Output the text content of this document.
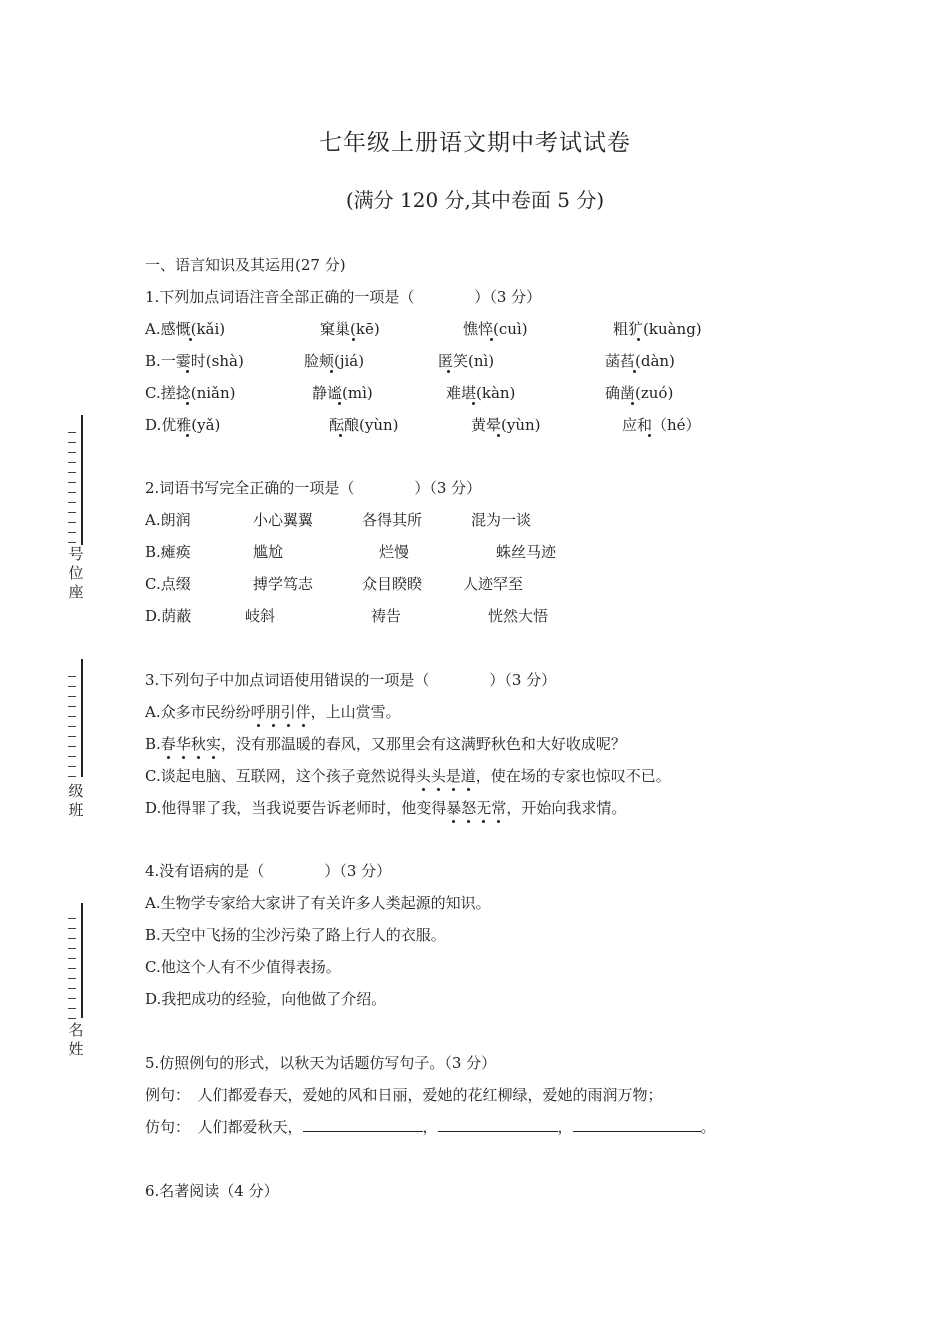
七年级上册语文期中考试试卷
(满分 120 分,其中卷面 5 分)
号
位
座
级
班
名
姓
一、语言知识及其运用(27 分)
1.下列加点词语注音全部正确的一项是（　　　　）（3 分）
A.感慨(kǎi)	窠巢(kē)	憔悴(cuì)	粗犷(kuàng)
B.一霎时(shà)	脸颊(jiá)	匿笑(nì)	菡萏(dàn)
C.搓捻(niǎn)	静谧(mì)	难堪(kàn)	确凿(zuó)
D.优雅(yǎ)	酝酿(yùn)	黄晕(yùn)	应和（hé）
2.词语书写完全正确的一项是（　　　　）（3 分）
A.朗润	小心翼翼	各得其所	混为一谈
B.瘫痪	尴尬	烂慢	蛛丝马迹
C.点缀	搏学笃志	众目睽睽	人迹罕至
D.荫蔽	岐斜	祷告	恍然大悟
3.下列句子中加点词语使用错误的一项是（　　　　）（3 分）
A.众多市民纷纷呼朋引伴，上山赏雪。
B.春华秋实，没有那温暖的春风，又那里会有这满野秋色和大好收成呢？
C.谈起电脑、互联网，这个孩子竟然说得头头是道，使在场的专家也惊叹不已。
D.他得罪了我，当我说要告诉老师时，他变得暴怒无常，开始向我求情。
4.没有语病的是（　　　　）（3 分）
A.生物学专家给大家讲了有关许多人类起源的知识。
B.天空中飞扬的尘沙污染了路上行人的衣服。
C.他这个人有不少值得表扬。
D.我把成功的经验，向他做了介绍。
5.仿照例句的形式，以秋天为话题仿写句子。（3 分）
例句：　人们都爱春天，爱她的风和日丽，爱她的花红柳绿，爱她的雨润万物；
仿句：　人们都爱秋天，	，	，	。
6.名著阅读（4 分）
